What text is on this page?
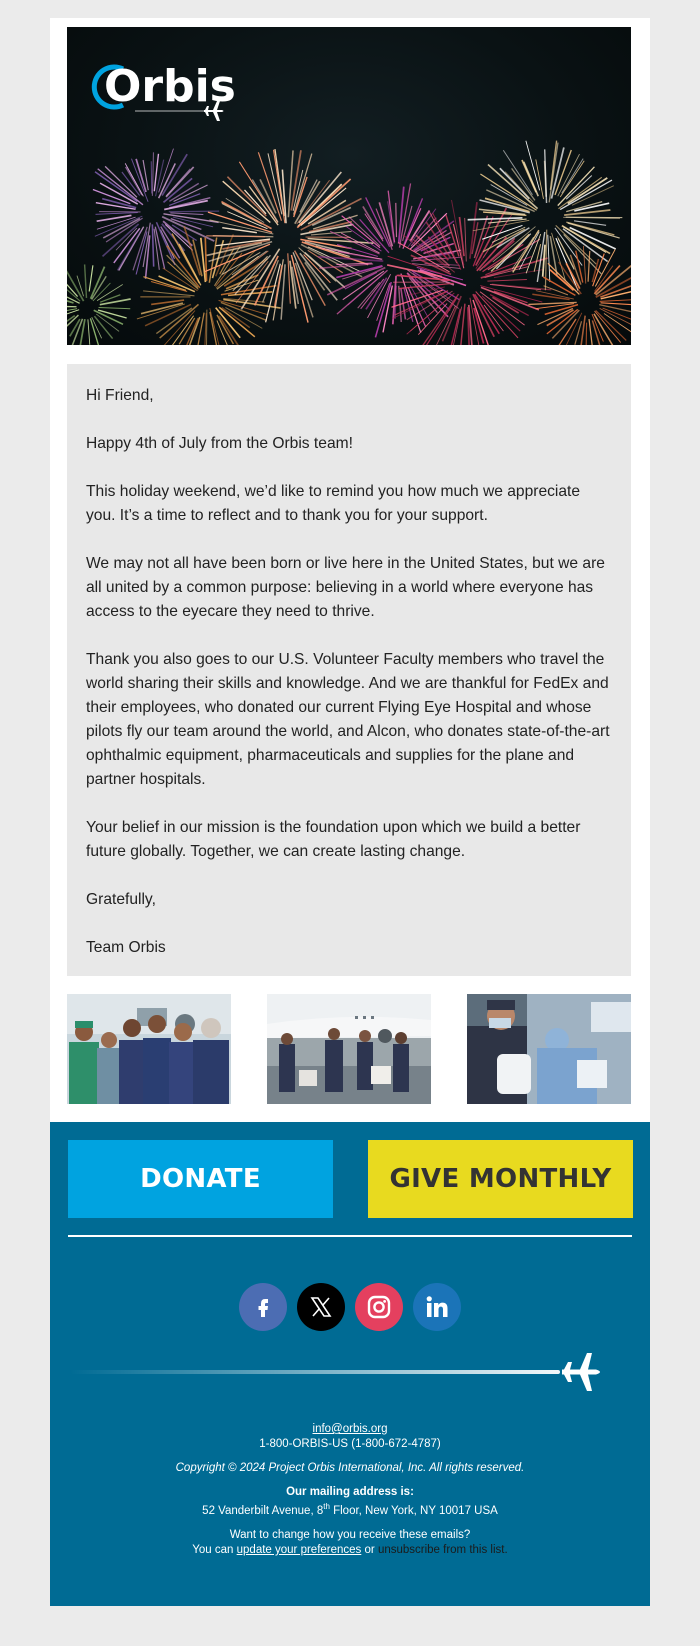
Orbis

Hi Friend,

Happy 4th of July from the Orbis team!

This holiday weekend, we’d like to remind you how much we appreciate you. It’s a time to reflect and to thank you for your support.

We may not all have been born or live here in the United States, but we are all united by a common purpose: believing in a world where everyone has access to the eyecare they need to thrive.

Thank you also goes to our U.S. Volunteer Faculty members who travel the world sharing their skills and knowledge. And we are thankful for FedEx and their employees, who donated our current Flying Eye Hospital and whose pilots fly our team around the world, and Alcon, who donates state-of-the-art ophthalmic equipment, pharmaceuticals and supplies for the plane and partner hospitals.

Your belief in our mission is the foundation upon which we build a better future globally. Together, we can create lasting change.

Gratefully,

Team Orbis

DONATE	GIVE MONTHLY
info@orbis.org
1-800-ORBIS-US (1-800-672-4787)
Copyright © 2024 Project Orbis International, Inc. All rights reserved.
Our mailing address is:
52 Vanderbilt Avenue, 8th Floor, New York, NY 10017 USA
Want to change how you receive these emails?
You can update your preferences or unsubscribe from this list.
